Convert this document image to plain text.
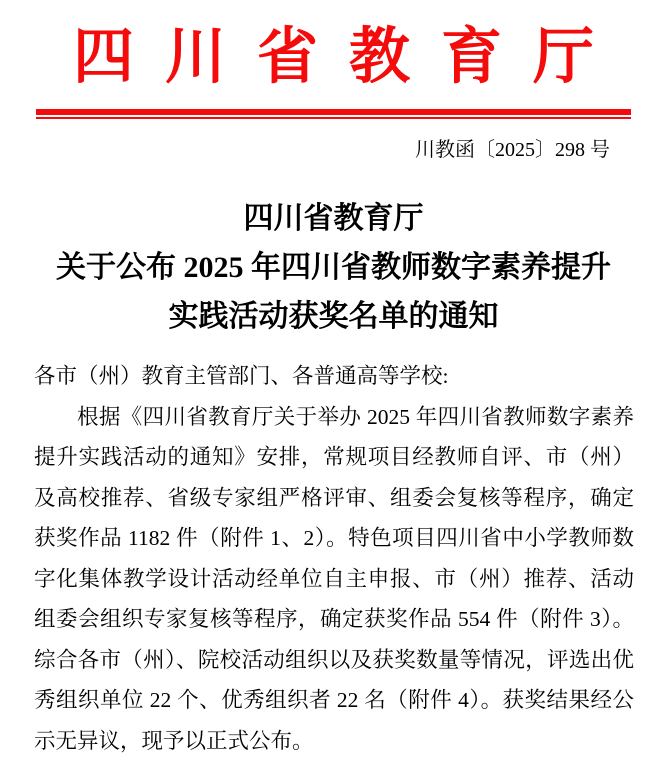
四川省教育厅
川教函〔2025〕298 号
四川省教育厅
关于公布 2025 年四川省教师数字素养提升
实践活动获奖名单的通知

各市（州）教育主管部门、各普通高等学校:

根据《四川省教育厅关于举办 2025 年四川省教师数字素养提升实践活动的通知》安排，常规项目经教师自评、市（州）及高校推荐、省级专家组严格评审、组委会复核等程序，确定获奖作品 1182 件（附件 1、2）。特色项目四川省中小学教师数字化集体教学设计活动经单位自主申报、市（州）推荐、活动组委会组织专家复核等程序，确定获奖作品 554 件（附件 3）。综合各市（州）、院校活动组织以及获奖数量等情况，评选出优秀组织单位 22 个、优秀组织者 22 名（附件 4）。获奖结果经公示无异议，现予以正式公布。
